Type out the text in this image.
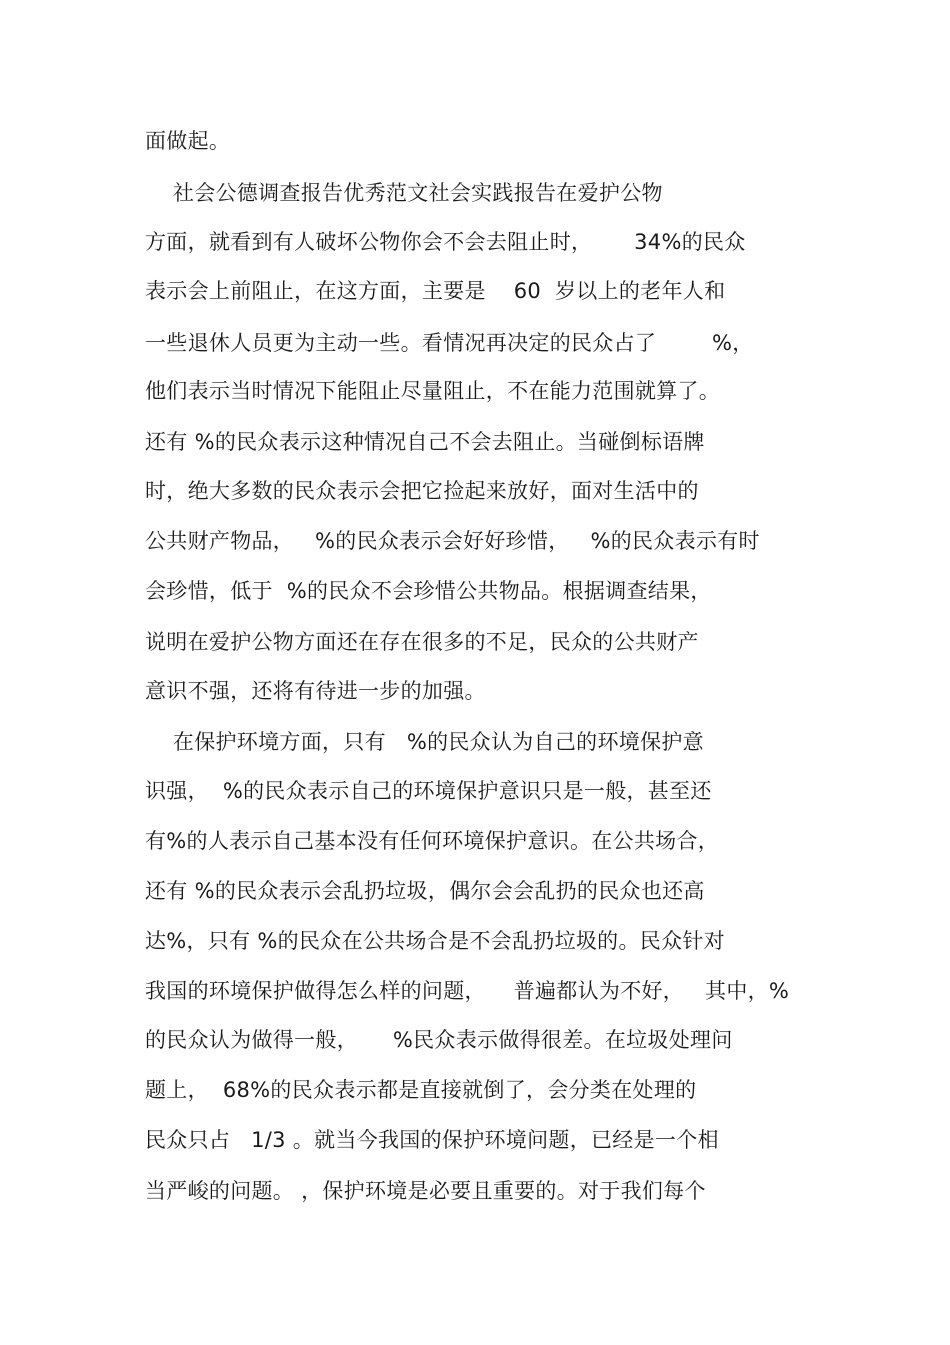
面做起。
社会公德调查报告优秀范文社会实践报告在爱护公物
方面，就看到有人破坏公物你会不会去阻止时，      34%的民众
表示会上前阻止，在这方面，主要是    60  岁以上的老年人和
一些退休人员更为主动一些。看情况再决定的民众占了        %，
他们表示当时情况下能阻止尽量阻止，不在能力范围就算了。
还有 %的民众表示这种情况自己不会去阻止。当碰倒标语牌
时，绝大多数的民众表示会把它捡起来放好，面对生活中的
公共财产物品，   %的民众表示会好好珍惜，   %的民众表示有时
会珍惜，低于  %的民众不会珍惜公共物品。根据调查结果，
说明在爱护公物方面还在存在很多的不足，民众的公共财产
意识不强，还将有待进一步的加强。
在保护环境方面，只有   %的民众认为自己的环境保护意
识强，  %的民众表示自己的环境保护意识只是一般，甚至还
有%的人表示自己基本没有任何环境保护意识。在公共场合，
还有 %的民众表示会乱扔垃圾，偶尔会会乱扔的民众也还高
达%，只有 %的民众在公共场合是不会乱扔垃圾的。民众针对
我国的环境保护做得怎么样的问题，    普遍都认为不好，   其中，%
的民众认为做得一般，     %民众表示做得很差。在垃圾处理问
题上，  68%的民众表示都是直接就倒了，会分类在处理的
民众只占   1/3 。就当今我国的保护环境问题，已经是一个相
当严峻的问题。 ，保护环境是必要且重要的。对于我们每个
